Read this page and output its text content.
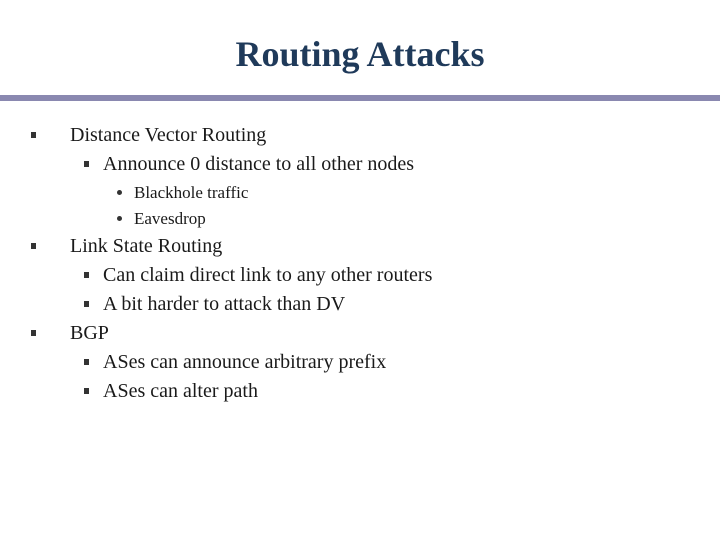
Routing Attacks
Distance Vector Routing
Announce 0 distance to all other nodes
Blackhole traffic
Eavesdrop
Link State Routing
Can claim direct link to any other routers
A bit harder to attack than DV
BGP
ASes can announce arbitrary prefix
ASes can alter path
